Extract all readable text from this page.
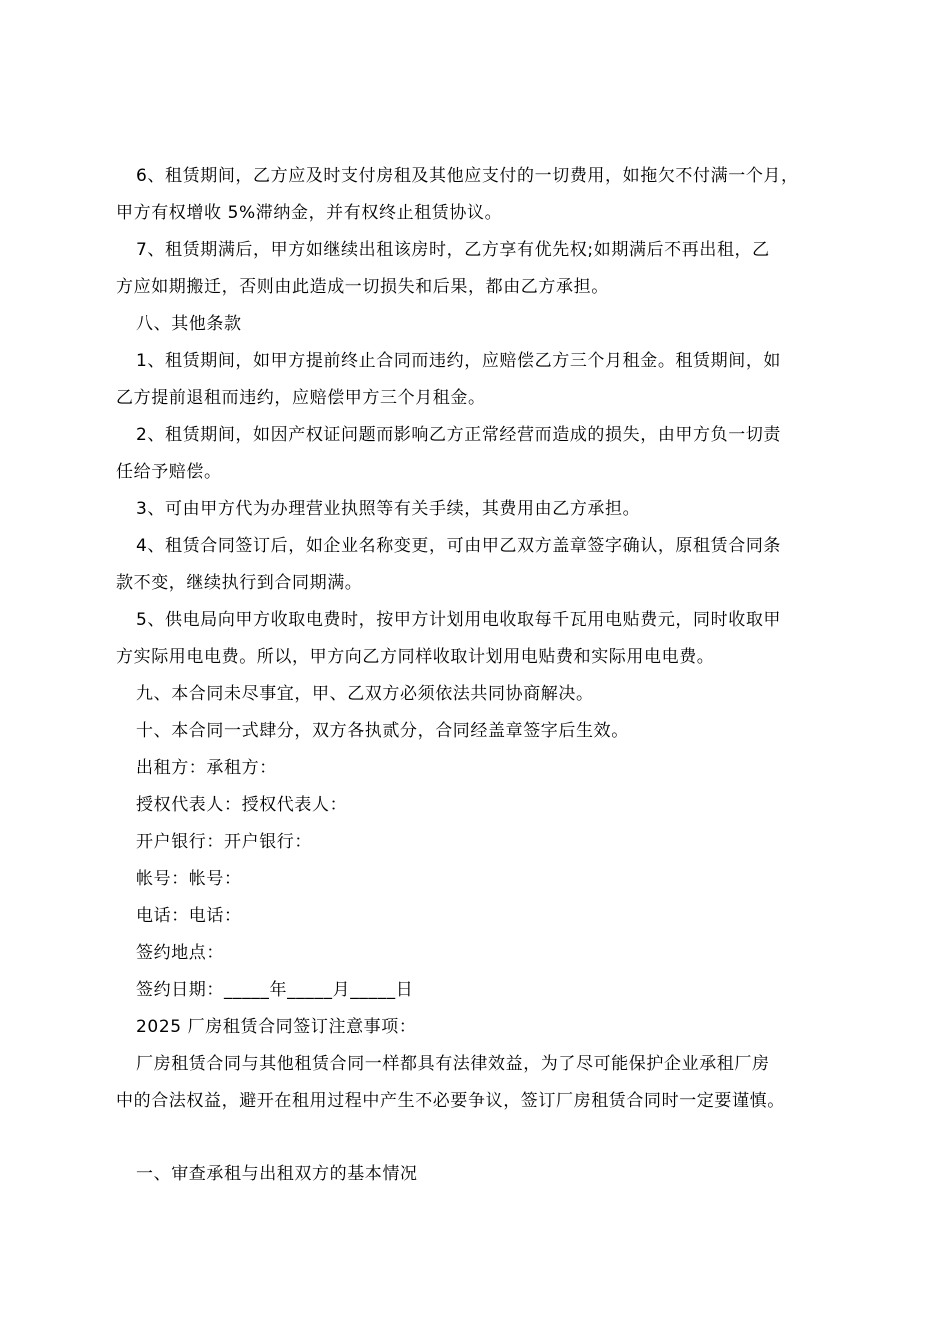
6、租赁期间，乙方应及时支付房租及其他应支付的一切费用，如拖欠不付满一个月，
甲方有权增收 5%滞纳金，并有权终止租赁协议。
7、租赁期满后，甲方如继续出租该房时，乙方享有优先权;如期满后不再出租，乙
方应如期搬迁，否则由此造成一切损失和后果，都由乙方承担。
八、其他条款
1、租赁期间，如甲方提前终止合同而违约，应赔偿乙方三个月租金。租赁期间，如
乙方提前退租而违约，应赔偿甲方三个月租金。
2、租赁期间，如因产权证问题而影响乙方正常经营而造成的损失，由甲方负一切责
任给予赔偿。
3、可由甲方代为办理营业执照等有关手续，其费用由乙方承担。
4、租赁合同签订后，如企业名称变更，可由甲乙双方盖章签字确认，原租赁合同条
款不变，继续执行到合同期满。
5、供电局向甲方收取电费时，按甲方计划用电收取每千瓦用电贴费元，同时收取甲
方实际用电电费。所以，甲方向乙方同样收取计划用电贴费和实际用电电费。
九、本合同未尽事宜，甲、乙双方必须依法共同协商解决。
十、本合同一式肆分，双方各执贰分，合同经盖章签字后生效。
出租方：承租方：
授权代表人：授权代表人：
开户银行：开户银行：
帐号：帐号：
电话：电话：
签约地点：
签约日期：_____年_____月_____日
2025 厂房租赁合同签订注意事项：
厂房租赁合同与其他租赁合同一样都具有法律效益，为了尽可能保护企业承租厂房
中的合法权益，避开在租用过程中产生不必要争议，签订厂房租赁合同时一定要谨慎。
一、审查承租与出租双方的基本情况
